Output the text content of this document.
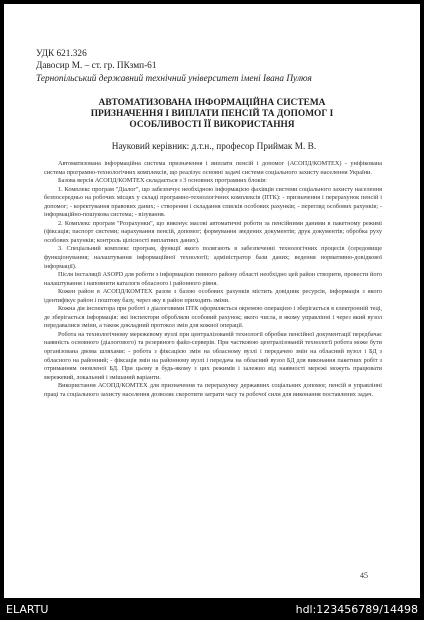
УДК 621.326
Давосир М. – ст. гр. ПКзмп-61
Тернопільський державний технічний університет імені Івана Пулюя
АВТОМАТИЗОВАНА ІНФОРМАЦІЙНА СИСТЕМА
ПРИЗНАЧЕННЯ І ВИПЛАТИ ПЕНСІЙ ТА ДОПОМОГ І
ОСОБЛИВОСТІ ЇЇ ВИКОРИСТАННЯ
Науковий керівник: д.т.н., професор Приймак М. В.

Автоматизована інформаційна система призначення і виплати пенсій і допомог (АСОПД/КОМТЕХ) - уніфікована система програмно-технологічних комплексів, що реалізує основні задачі системи соціального захисту населення України.

Базова версія АСОПД/КОМТЕХ складається з 3 основних програмних блоків:

1. Комплекс програм "Діалог", що забезпечує необхідною інформацією фахівців системи соціального захисту населення безпосередньо на робочих місцях у складі програмно-технологічних комплексів (ПТК): - призначення і перерахунок пенсій і допомог; - коректування правових даних; - створення і складання списків особових рахунків; - перегляд особових рахунків; - інформаційно-пошукова система; - візування.

2. Комплекс програм "Розрахунки", що виконує масові автоматичні роботи за пенсійними даними в пакетному режимі (фіксація; паспорт системи; нарахування пенсій, допомог; формування зведених документів; друк документів; обробка руху особових рахунків; контроль цілісності виплатних даних).

3. Спеціальний комплекс програм, функції якого полягають в забезпеченні технологічних процесів (середовище функціонування; налаштування інформаційної технології; адміністратор бази даних; ведення нормативно-довідкової інформації).

Після інсталяції ASOPD для роботи з інформацією певного району області необхідно цей район створити, провести його налаштування і наповнити каталоги обласного і районного рівня.

Кожен район в АСОПД/КОМТЕХ разом з базою особових рахунків містить довідник ресурсів, інформація з якого ідентифікує район і поштову базу, через яку в район приходять зміни.

Кожна дія інспектора при роботі з діалоговими ПТК оформляється окремою операцією і зберігається в електронній теці, де зберігається інформація: які інспектори обробляли особовий рахунок; якого числа, в якому управлінні і через який вузол передавалися зміни, а також докладний протокол змін для кожної операції.

Робота на технологічному мережевому вузлі при централізованій технології обробки пенсійної документації передбачає наявність основного (діалогового) та резервного файл-серверів. При частковою централізованій технології робота може бути організована двома шляхами: - робота з фіксацією змін на обласному вузлі і передачею змін на обласний вузол і БД з обласного на районний; - фіксація змін на районному вузлі і передача на обласний вузол БД для виконання пакетних робіт з отриманням оновленої БД. При цьому в будь-якому з цих режимів і залежно від наявності мережі можуть працювати мережевий, локальний і змішаний варіанти.

Використання АСОПД/КОМТЕХ для призначення та перерахунку державних соціальних допомог, пенсій в управлінні праці та соціального захисту населення дозволяє скоротити затрати часу та робочої сили для виконання поставлених задач.

45
ELARTU	hdl:123456789/14498
